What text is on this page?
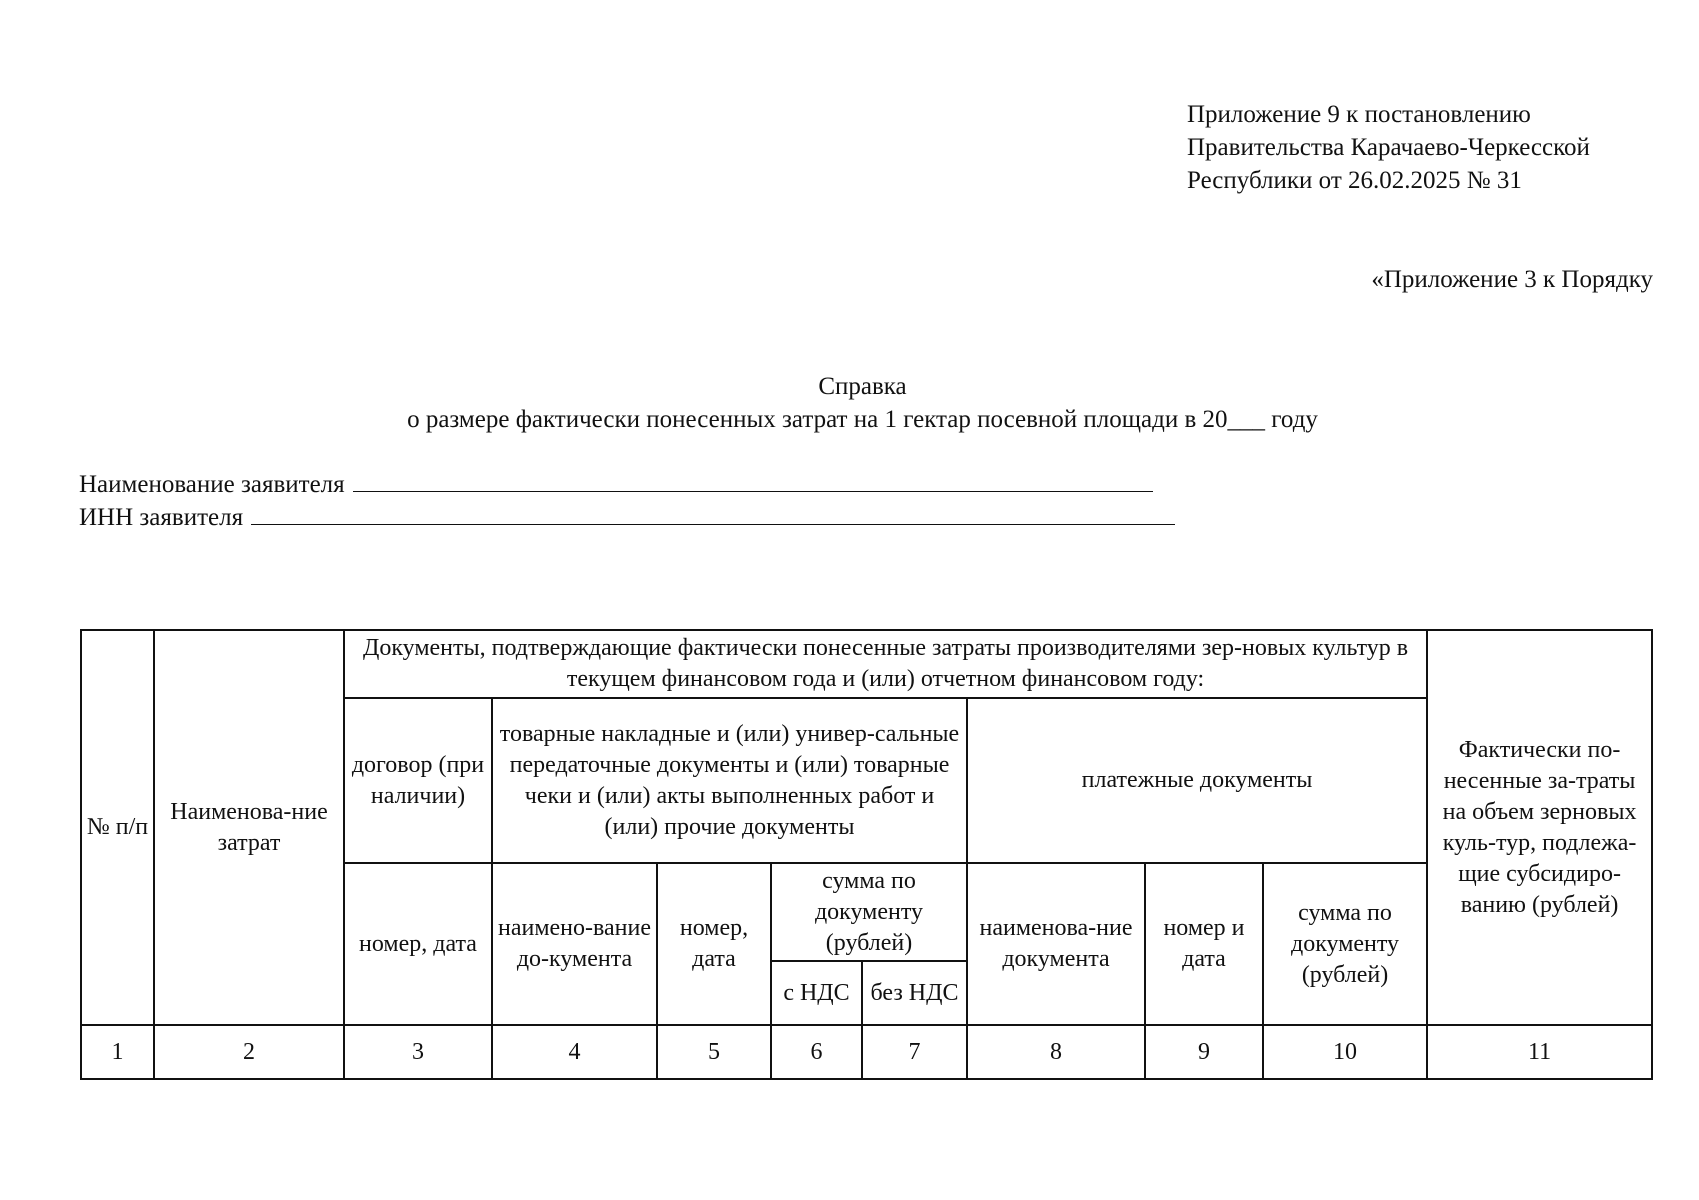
Приложение 9 к постановлению
Правительства Карачаево-Черкесской
Республики от 26.02.2025 № 31
«Приложение 3 к Порядку
Справка
о размере фактически понесенных затрат на 1 гектар посевной площади в 20___ году
Наименование заявителя
ИНН заявителя
№ п/п	Наименова-ние затрат	Документы, подтверждающие фактически понесенные затраты производителями зер-новых культур в текущем финансовом года и (или) отчетном финансовом году:								Фактически по-несенные за-траты на объем зерновых куль-тур, подлежа-щие субсидиро-ванию (рублей)
		договор (при наличии)	товарные накладные и (или) универ-сальные передаточные документы и (или) товарные чеки и (или) акты выполненных работ и (или) прочие документы				платежные документы			
		номер, дата	наимено-вание до-кумента	номер, дата	сумма по документу (рублей)		наименова-ние документа	номер и дата	сумма по документу (рублей)	
					с НДС	без НДС				
1	2	3	4	5	6	7	8	9	10	11
